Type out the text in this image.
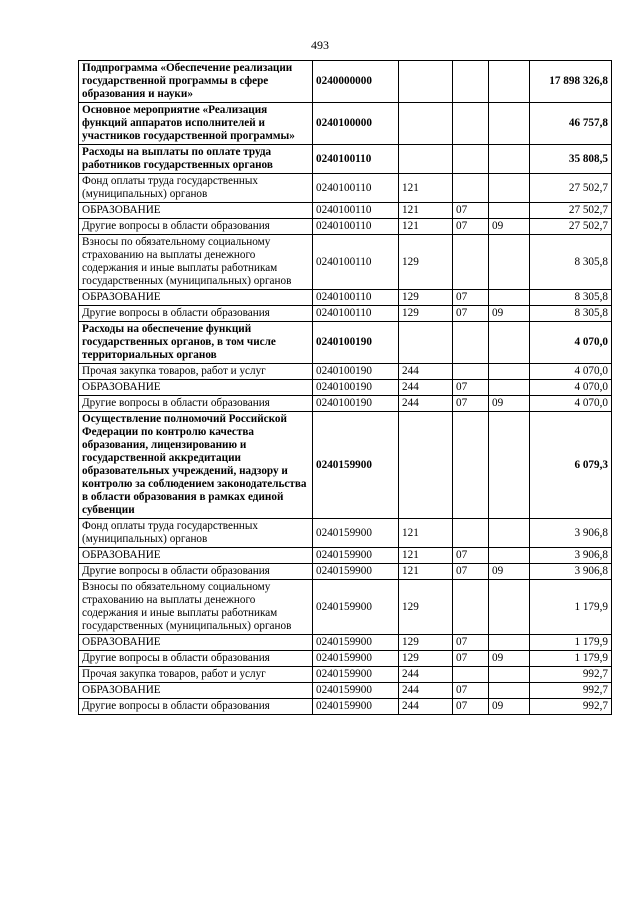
493
Подпрограмма «Обеспечение реализации государственной программы в сфере образования и науки»	0240000000				17 898 326,8
Основное мероприятие «Реализация функций аппаратов исполнителей и участников государственной программы»	0240100000				46 757,8
Расходы на выплаты по оплате труда работников государственных органов	0240100110				35 808,5
Фонд оплаты труда государственных (муниципальных) органов	0240100110	121			27 502,7
ОБРАЗОВАНИЕ	0240100110	121	07		27 502,7
Другие вопросы в области образования	0240100110	121	07	09	27 502,7
Взносы по обязательному социальному страхованию на выплаты денежного содержания и иные выплаты работникам государственных (муниципальных) органов	0240100110	129			8 305,8
ОБРАЗОВАНИЕ	0240100110	129	07		8 305,8
Другие вопросы в области образования	0240100110	129	07	09	8 305,8
Расходы на обеспечение функций государственных органов, в том числе территориальных органов	0240100190				4 070,0
Прочая закупка товаров, работ и услуг	0240100190	244			4 070,0
ОБРАЗОВАНИЕ	0240100190	244	07		4 070,0
Другие вопросы в области образования	0240100190	244	07	09	4 070,0
Осуществление полномочий Российской Федерации по контролю качества образования, лицензированию и государственной аккредитации образовательных учреждений, надзору и контролю за соблюдением законодательства в области образования в рамках единой субвенции	0240159900				6 079,3
Фонд оплаты труда государственных (муниципальных) органов	0240159900	121			3 906,8
ОБРАЗОВАНИЕ	0240159900	121	07		3 906,8
Другие вопросы в области образования	0240159900	121	07	09	3 906,8
Взносы по обязательному социальному страхованию на выплаты денежного содержания и иные выплаты работникам государственных (муниципальных) органов	0240159900	129			1 179,9
ОБРАЗОВАНИЕ	0240159900	129	07		1 179,9
Другие вопросы в области образования	0240159900	129	07	09	1 179,9
Прочая закупка товаров, работ и услуг	0240159900	244			992,7
ОБРАЗОВАНИЕ	0240159900	244	07		992,7
Другие вопросы в области образования	0240159900	244	07	09	992,7
